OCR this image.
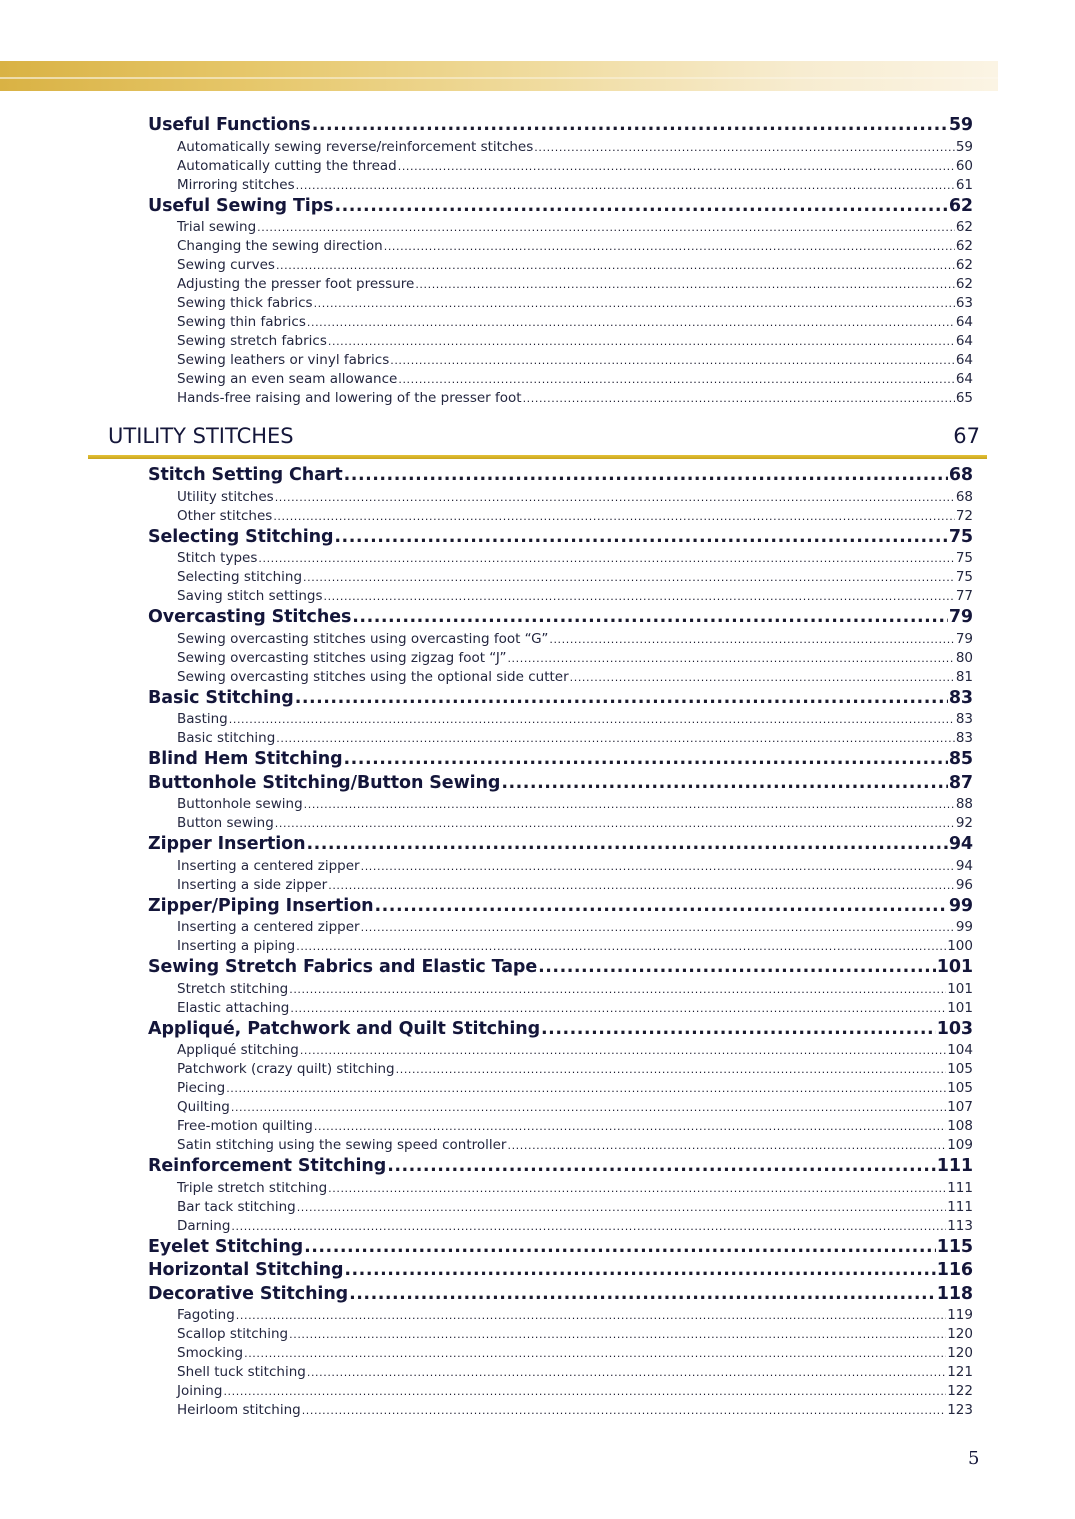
Useful Functions .....	59
Automatically sewing reverse/reinforcement stitches .....	59
Automatically cutting the thread .....	60
Mirroring stitches .....	61
Useful Sewing Tips .....	62
Trial sewing .....	62
Changing the sewing direction .....	62
Sewing curves .....	62
Adjusting the presser foot pressure .....	62
Sewing thick fabrics .....	63
Sewing thin fabrics .....	64
Sewing stretch fabrics .....	64
Sewing leathers or vinyl fabrics .....	64
Sewing an even seam allowance .....	64
Hands-free raising and lowering of the presser foot .....	65
UTILITY STITCHES	67
Stitch Setting Chart .....	68
Utility stitches .....	68
Other stitches .....	72
Selecting Stitching .....	75
Stitch types .....	75
Selecting stitching .....	75
Saving stitch settings .....	77
Overcasting Stitches .....	79
Sewing overcasting stitches using overcasting foot “G” .....	79
Sewing overcasting stitches using zigzag foot “J” .....	80
Sewing overcasting stitches using the optional side cutter .....	81
Basic Stitching .....	83
Basting .....	83
Basic stitching .....	83
Blind Hem Stitching .....	85
Buttonhole Stitching/Button Sewing .....	87
Buttonhole sewing .....	88
Button sewing .....	92
Zipper Insertion .....	94
Inserting a centered zipper .....	94
Inserting a side zipper .....	96
Zipper/Piping Insertion .....	99
Inserting a centered zipper .....	99
Inserting a piping .....	100
Sewing Stretch Fabrics and Elastic Tape .....	101
Stretch stitching .....	101
Elastic attaching .....	101
Appliqué, Patchwork and Quilt Stitching .....	103
Appliqué stitching .....	104
Patchwork (crazy quilt) stitching .....	105
Piecing .....	105
Quilting .....	107
Free-motion quilting .....	108
Satin stitching using the sewing speed controller .....	109
Reinforcement Stitching .....	111
Triple stretch stitching .....	111
Bar tack stitching .....	111
Darning .....	113
Eyelet Stitching .....	115
Horizontal Stitching .....	116
Decorative Stitching .....	118
Fagoting .....	119
Scallop stitching .....	120
Smocking .....	120
Shell tuck stitching .....	121
Joining .....	122
Heirloom stitching .....	123
5
